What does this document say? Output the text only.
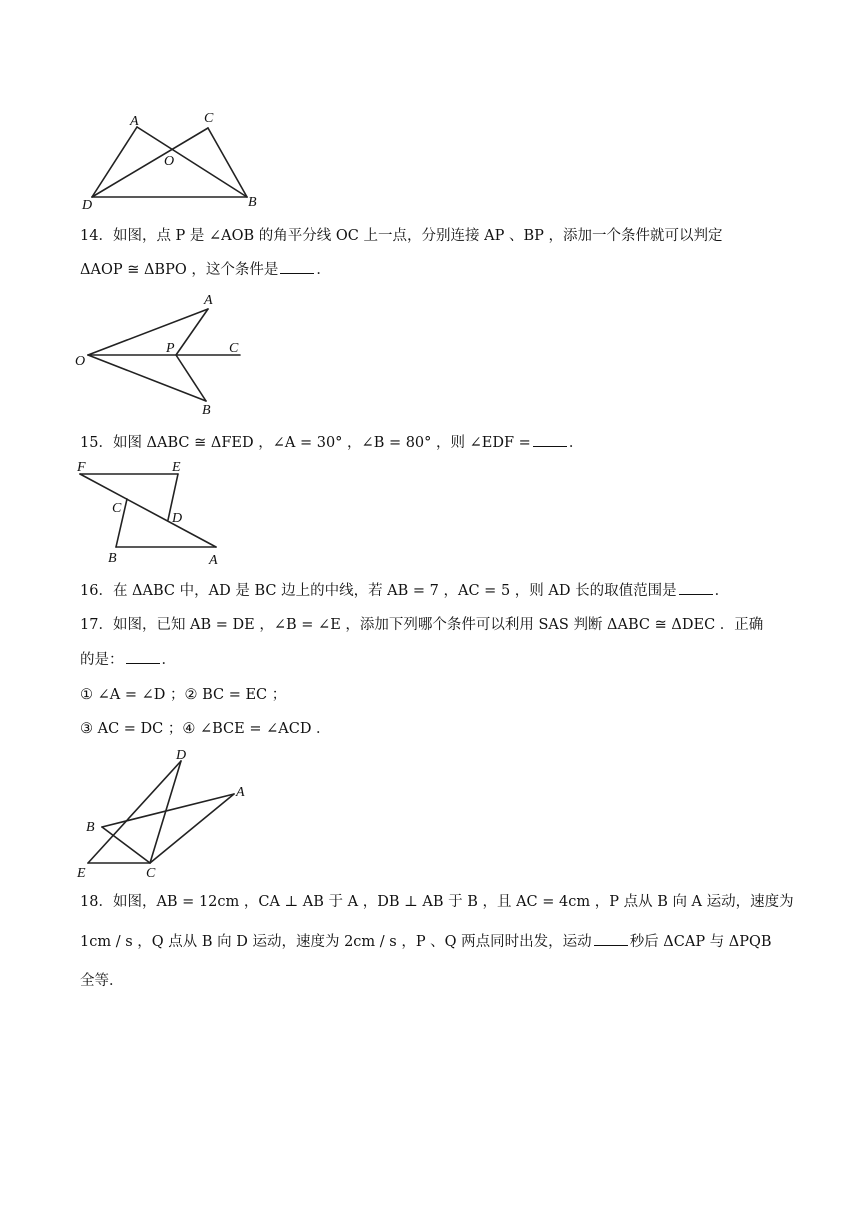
A	C
O
D	B
14．如图，点 P 是 ∠AOB 的角平分线 OC 上一点，分别连接 AP 、BP ，添加一个条件就可以判定
ΔAOP ≅ ΔBPO ，这个条件是	．
A
O
P	C
B
15．如图 ΔABC ≅ ΔFED ，∠A = 30° ，∠B = 80° ，则 ∠EDF =	．
F	E
C
D
B	A
16．在 ΔABC 中，AD 是 BC 边上的中线，若 AB = 7 ，AC = 5 ，则 AD 长的取值范围是	．
17．如图，已知 AB = DE ，∠B = ∠E ，添加下列哪个条件可以利用 SAS 判断 ΔABC ≅ ΔDEC ．正确
的是：	．
① ∠A = ∠D ；② BC = EC ；
③ AC = DC ；④ ∠BCE = ∠ACD ．
D
A
B
E	C
18．如图，AB = 12cm ，CA ⊥ AB 于 A ，DB ⊥ AB 于 B ，且 AC = 4cm ，P 点从 B 向 A 运动，速度为
1cm / s ，Q 点从 B 向 D 运动，速度为 2cm / s ，P 、Q 两点同时出发，运动	秒后 ΔCAP 与 ΔPQB
全等．
